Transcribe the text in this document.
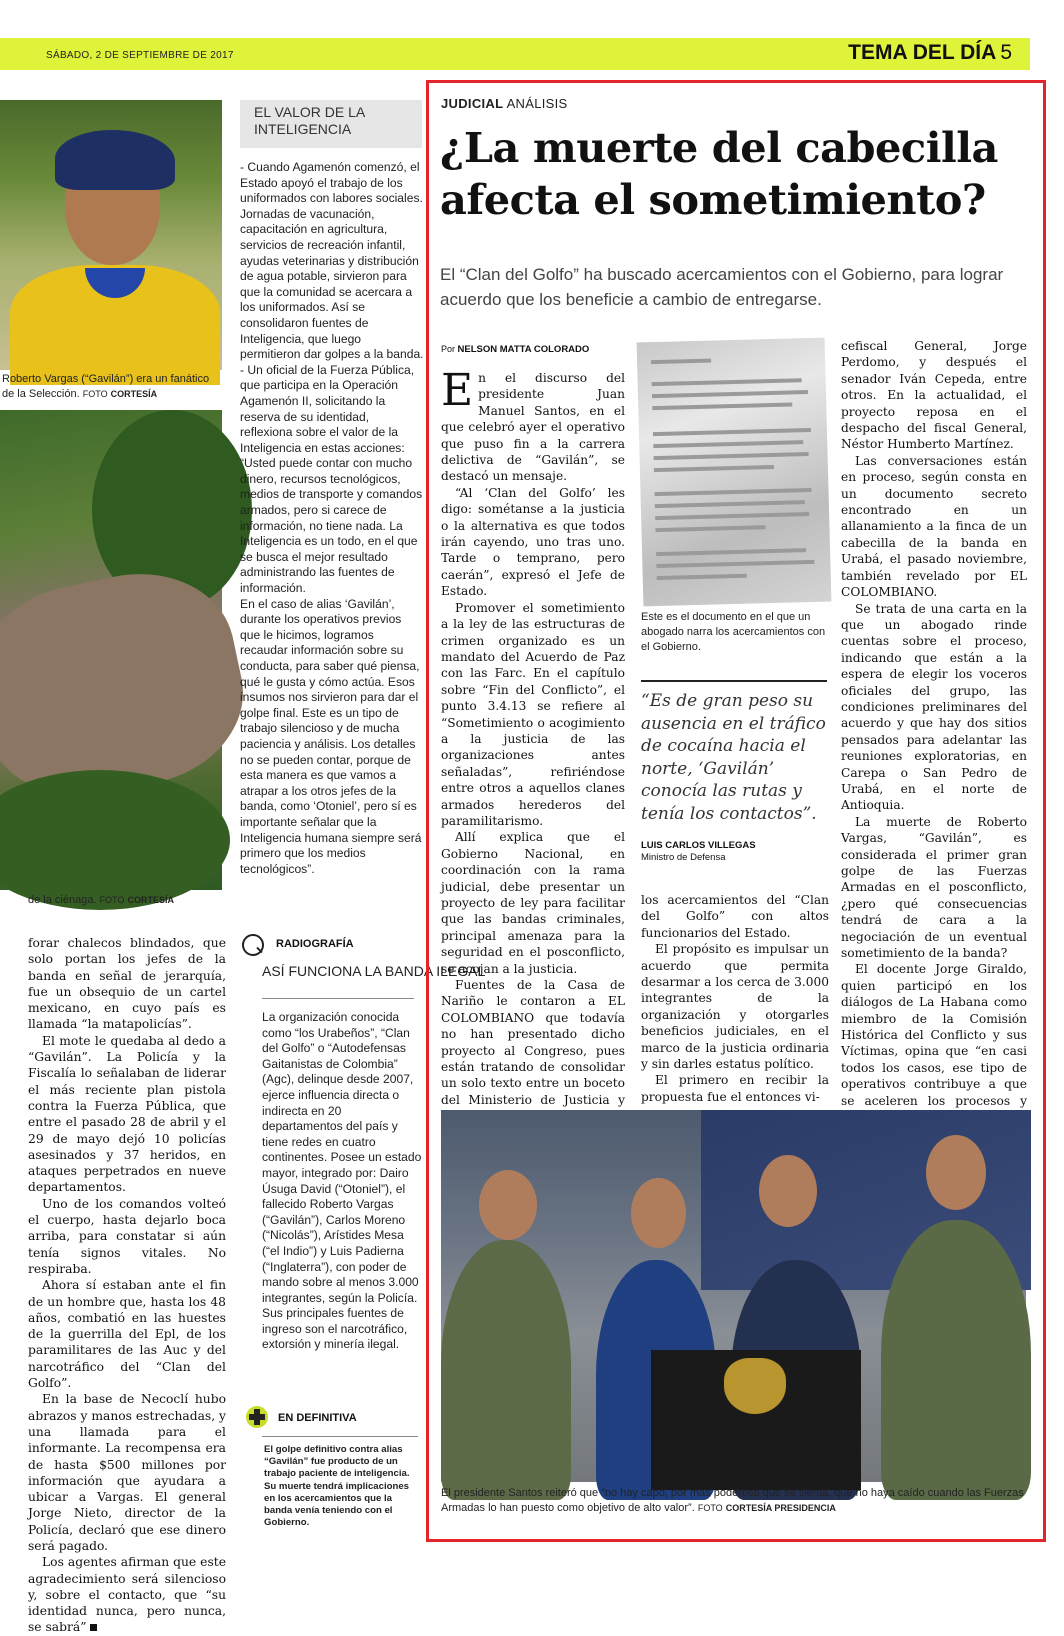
SÁBADO, 2 DE SEPTIEMBRE DE 2017	TEMA DEL DÍA 5
Roberto Vargas (“Gavilán”) era un fanático de la Selección. FOTO CORTESÍA
de la ciénaga. FOTO CORTESÍA

forar chalecos blindados, que solo portan los jefes de la banda en señal de jerarquía, fue un obsequio de un cartel mexicano, en cuyo país es llamada “la matapolicías”.

El mote le quedaba al dedo a “Gavilán”. La Policía y la Fiscalía lo señalaban de liderar el más reciente plan pistola contra la Fuerza Pública, que entre el pasado 28 de abril y el 29 de mayo dejó 10 policías asesinados y 37 heridos, en ataques perpetrados en nueve departamentos.

Uno de los comandos volteó el cuerpo, hasta dejarlo boca arriba, para constatar si aún tenía signos vitales. No respiraba.

Ahora sí estaban ante el fin de un hombre que, hasta los 48 años, combatió en las huestes de la guerrilla del Epl, de los paramilitares de las Auc y del narcotráfico del “Clan del Golfo”.

En la base de Necoclí hubo abrazos y manos estrechadas, y una llamada para el informante. La recompensa era de hasta $500 millones por información que ayudara a ubicar a Vargas. El general Jorge Nieto, director de la Policía, declaró que ese dinero será pagado.

Los agentes afirman que este agradecimiento será silencioso y, sobre el contacto, que “su identidad nunca, pero nunca, se sabrá”

EL VALOR DE LA INTELIGENCIA

- Cuando Agamenón comenzó, el Estado apoyó el trabajo de los uniformados con labores sociales. Jornadas de vacunación, capacitación en agricultura, servicios de recreación infantil, ayudas veterinarias y distribución de agua potable, sirvieron para que la comunidad se acercara a los uniformados. Así se consolidaron fuentes de Inteligencia, que luego permitieron dar golpes a la banda.

- Un oficial de la Fuerza Pública, que participa en la Operación Agamenón II, solicitando la reserva de su identidad, reflexiona sobre el valor de la Inteligencia en estas acciones:

“Usted puede contar con mucho dinero, recursos tecnológicos, medios de transporte y comandos armados, pero si carece de información, no tiene nada. La Inteligencia es un todo, en el que se busca el mejor resultado administrando las fuentes de información.

En el caso de alias ‘Gavilán’, durante los operativos previos que le hicimos, logramos recaudar información sobre su conducta, para saber qué piensa, qué le gusta y cómo actúa. Esos insumos nos sirvieron para dar el golpe final. Este es un tipo de trabajo silencioso y de mucha paciencia y análisis. Los detalles no se pueden contar, porque de esta manera es que vamos a atrapar a los otros jefes de la banda, como ‘Otoniel’, pero sí es importante señalar que la Inteligencia humana siempre será primero que los medios tecnológicos”.

RADIOGRAFÍA
ASÍ FUNCIONA LA BANDA ILEGAL
La organización conocida como “los Urabeños”, “Clan del Golfo” o “Autodefensas Gaitanistas de Colombia” (Agc), delinque desde 2007, ejerce influencia directa o indirecta en 20 departamentos del país y tiene redes en cuatro continentes. Posee un estado mayor, integrado por: Dairo Úsuga David (“Otoniel”), el fallecido Roberto Vargas (“Gavilán”), Carlos Moreno (“Nicolás”), Arístides Mesa (“el Indio”) y Luis Padierna (“Inglaterra”), con poder de mando sobre al menos 3.000 integrantes, según la Policía. Sus principales fuentes de ingreso son el narcotráfico, extorsión y minería ilegal.
EN DEFINITIVA
El golpe definitivo contra alias “Gavilán” fue producto de un trabajo paciente de inteligencia. Su muerte tendrá implicaciones en los acercamientos que la banda venía teniendo con el Gobierno.
JUDICIAL ANÁLISIS
¿La muerte del cabecilla afecta el sometimiento?
El “Clan del Golfo” ha buscado acercamientos con el Gobierno, para lograr acuerdo que los beneficie a cambio de entregarse.
Por NELSON MATTA COLORADO

En el discurso del presidente Juan Manuel Santos, en el que celebró ayer el operativo que puso fin a la carrera delictiva de “Gavilán”, se destacó un mensaje.

“Al ‘Clan del Golfo’ les digo: sométanse a la justicia o la alternativa es que todos irán cayendo, uno tras uno. Tarde o temprano, pero caerán”, expresó el Jefe de Estado.

Promover el sometimiento a la ley de las estructuras de crimen organizado es un mandato del Acuerdo de Paz con las Farc. En el capítulo sobre “Fin del Conflicto”, el punto 3.4.13 se refiere al “Sometimiento o acogimiento a la justicia de las organizaciones antes señaladas”, refiriéndose entre otros a aquellos clanes armados herederos del paramilitarismo.

Allí explica que el Gobierno Nacional, en coordinación con la rama judicial, debe presentar un proyecto de ley para facilitar que las bandas criminales, principal amenaza para la seguridad en el posconflicto, se acojan a la justicia.

Fuentes de la Casa de Nariño le contaron a EL COLOMBIANO que todavía no han presentado dicho proyecto al Congreso, pues están tratando de consolidar un solo texto entre un boceto del Ministerio de Justicia y

Este es el documento en el que un abogado narra los acercamientos con el Gobierno.
“Es de gran peso su ausencia en el tráfico de cocaína hacia el norte, ‘Gavilán’ conocía las rutas y tenía los contactos”.
LUIS CARLOS VILLEGAS
Ministro de Defensa

los acercamientos del “Clan del Golfo” con altos funcionarios del Estado.

El propósito es impulsar un acuerdo que permita desarmar a los cerca de 3.000 integrantes de la organización y otorgarles beneficios judiciales, en el marco de la justicia ordinaria y sin darles estatus político.

El primero en recibir la propuesta fue el entonces vi-

cefiscal General, Jorge Perdomo, y después el senador Iván Cepeda, entre otros. En la actualidad, el proyecto reposa en el despacho del fiscal General, Néstor Humberto Martínez.

Las conversaciones están en proceso, según consta en un documento secreto encontrado en un allanamiento a la finca de un cabecilla de la banda en Urabá, el pasado noviembre, también revelado por EL COLOMBIANO.

Se trata de una carta en la que un abogado rinde cuentas sobre el proceso, indicando que están a la espera de elegir los voceros oficiales del grupo, las condiciones preliminares del acuerdo y que hay dos sitios pensados para adelantar las reuniones exploratorias, en Carepa o San Pedro de Urabá, en el norte de Antioquia.

La muerte de Roberto Vargas, “Gavilán”, es considerada el primer gran golpe de las Fuerzas Armadas en el posconflicto, ¿pero qué consecuencias tendrá de cara a la negociación de un eventual sometimiento de la banda?

El docente Jorge Giraldo, quien participó en los diálogos de La Habana como miembro de la Comisión Histórica del Conflicto y sus Víctimas, opina que “en casi todos los casos, ese tipo de operativos contribuye a que se aceleren los procesos y

El presidente Santos reiteró que “no hay capo, por más poderoso que se sienta, que no haya caído cuando las Fuerzas Armadas lo han puesto como objetivo de alto valor”. FOTO CORTESÍA PRESIDENCIA
